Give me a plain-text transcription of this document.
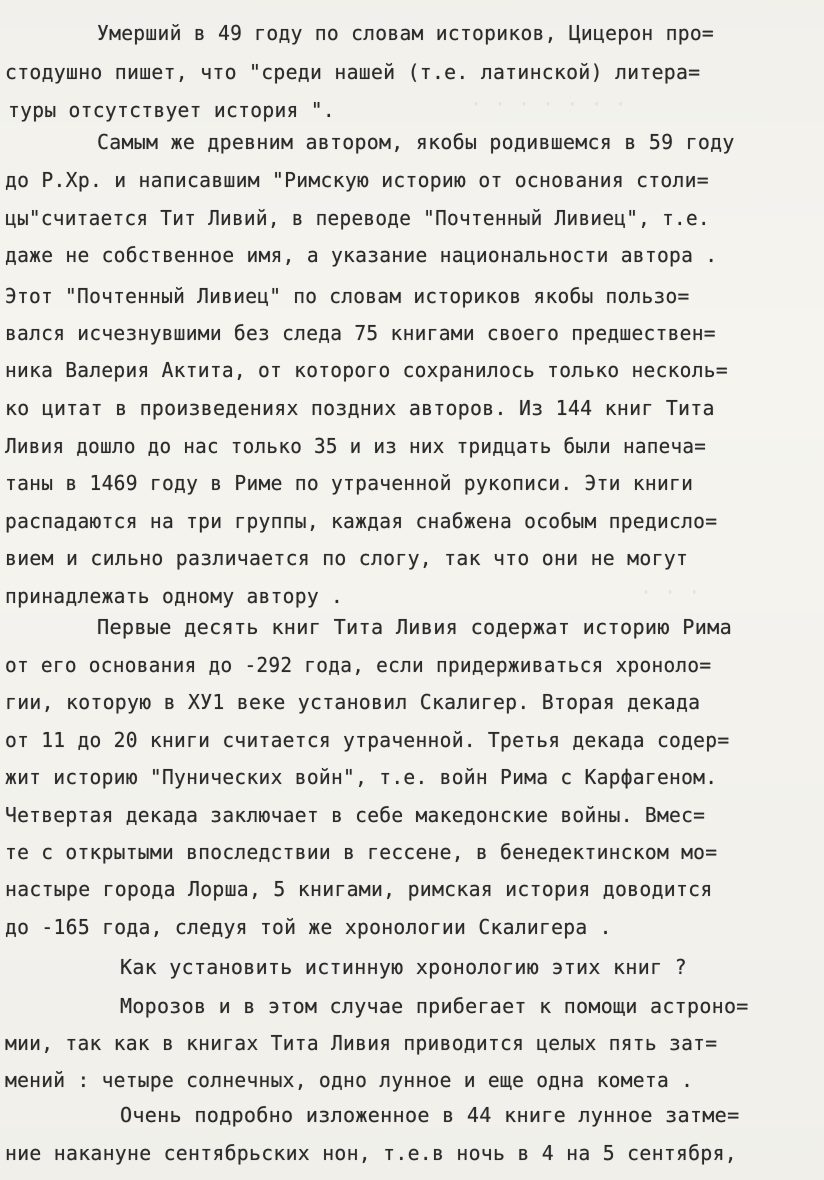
· · · · · · ·
· · ·
Умерший в 49 году по словам историков, Цицерон про=
стодушно пишет, что "среди нашей (т.е. латинской) литера=
туры отсутствует история ".
Самым же древним автором, якобы родившемся в 59 году
до Р.Хр. и написавшим "Римскую историю от основания столи=
цы"считается Тит Ливий, в переводе "Почтенный Ливиец", т.е.
даже не собственное имя, а указание национальности автора .
Этот "Почтенный Ливиец" по словам историков якобы пользо=
вался исчезнувшими без следа 75 книгами своего предшествен=
ника Валерия Актита, от которого сохранилось только несколь=
ко цитат в произведениях поздних авторов. Из 144 книг Тита
Ливия дошло до нас только 35 и из них тридцать были напеча=
таны в 1469 году в Риме по утраченной рукописи. Эти книги
распадаются на три группы, каждая снабжена особым предисло=
вием и сильно различается по слогу, так что они не могут
принадлежать одному автору .
Первые десять книг Тита Ливия содержат историю Рима
от его основания до -292 года, если придерживаться хроноло=
гии, которую в ХУ1 веке установил Скалигер. Вторая декада
от 11 до 20 книги считается утраченной. Третья декада содер=
жит историю "Пунических войн", т.е. войн Рима с Карфагеном.
Четвертая декада заключает в себе македонские войны. Вмес=
те с открытыми впоследствии в гессене, в бенедектинском мо=
настыре города Лорша, 5 книгами, римская история доводится
до -165 года, следуя той же хронологии Скалигера .
Как установить истинную хронологию этих книг ?
Морозов и в этом случае прибегает к помощи астроно=
мии, так как в книгах Тита Ливия приводится целых пять зат=
мений : четыре солнечных, одно лунное и еще одна комета .
Очень подробно изложенное в 44 книге лунное затме=
ние накануне сентябрьских нон, т.е.в ночь в 4 на 5 сентября,
